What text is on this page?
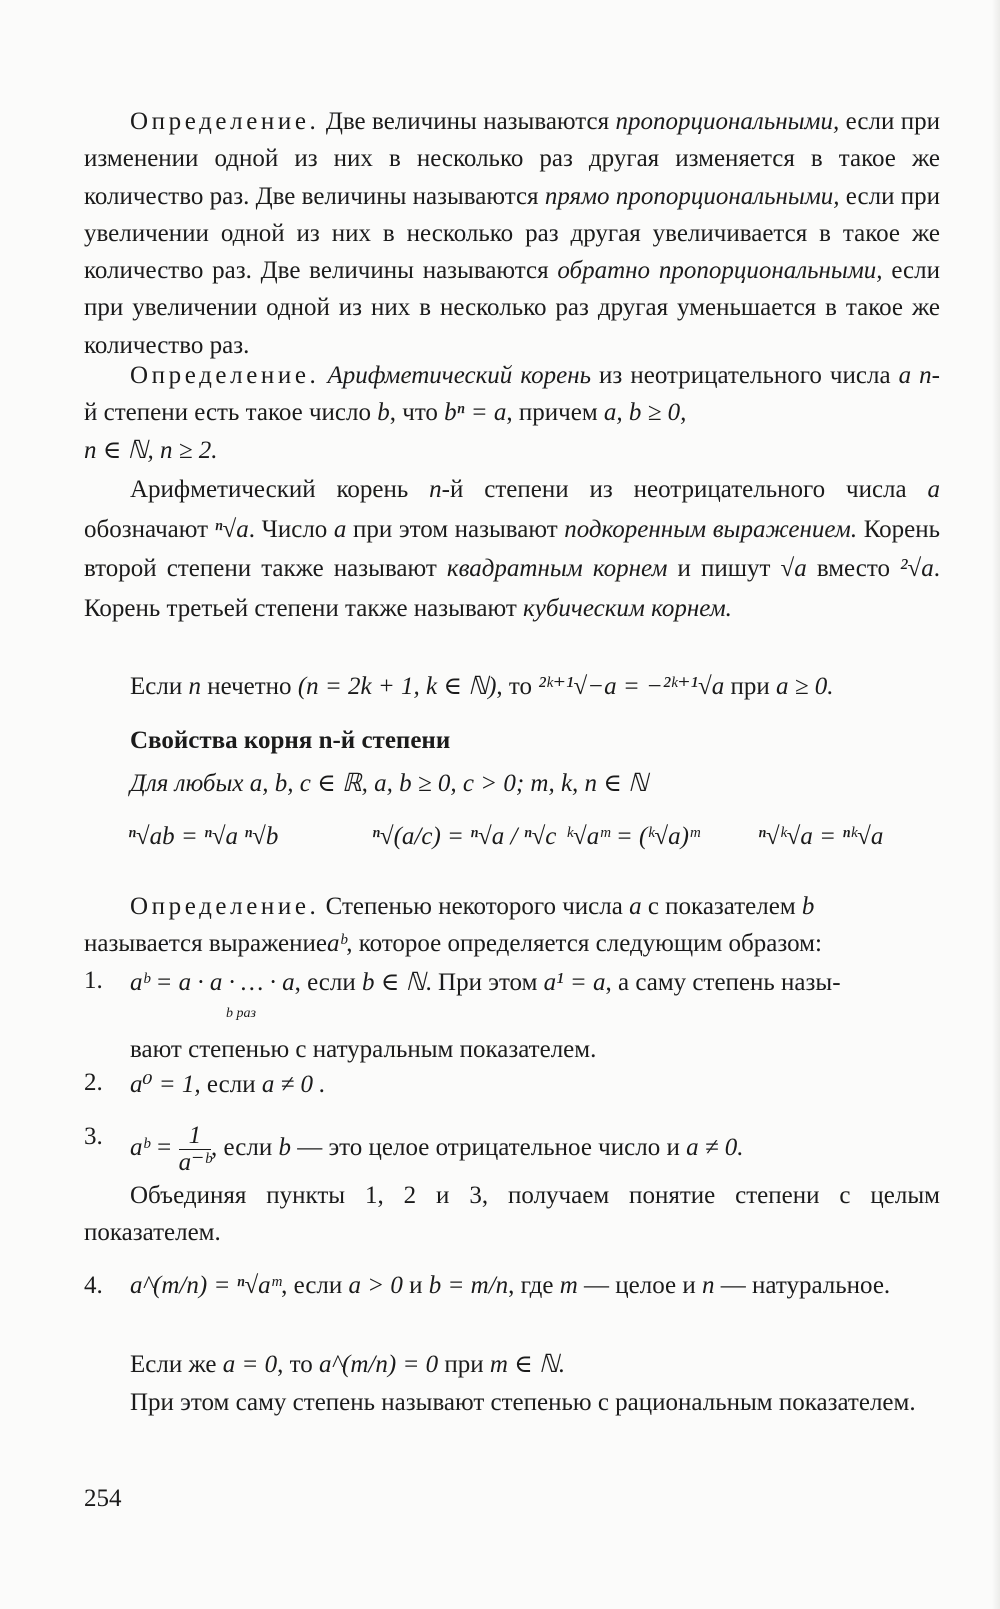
Определение. Две величины называются пропорциональными, если при изменении одной из них в несколько раз другая изменяется в такое же количество раз. Две величины называются прямо пропорциональными, если при увеличении одной из них в несколько раз другая увеличивается в такое же количество раз. Две величины называются обратно пропорциональными, если при увеличении одной из них в несколько раз другая уменьшается в такое же количество раз.
Определение. Арифметический корень из неотрицательного числа a n-й степени есть такое число b, что bⁿ = a, причем a, b ≥ 0,
n ∈ ℕ, n ≥ 2.
Арифметический корень n-й степени из неотрицательного числа a обозначают ⁿ√a. Число a при этом называют подкоренным выражением. Корень второй степени также называют квадратным корнем и пишут √a вместо ²√a. Корень третьей степени также называют кубическим корнем.
Если n нечетно (n = 2k + 1, k ∈ ℕ), то ²ᵏ⁺¹√−a = −²ᵏ⁺¹√a при a ≥ 0.
Свойства корня n-й степени
Для любых a, b, c ∈ ℝ, a, b ≥ 0, c > 0; m, k, n ∈ ℕ
ⁿ√ab = ⁿ√a ⁿ√b	ⁿ√(a/c) = ⁿ√a / ⁿ√c ᵏ√aᵐ = (ᵏ√a)ᵐ ⁿ√ᵏ√a = ⁿᵏ√a
Определение. Степенью некоторого числа a с показателем b
называется выражениеaᵇ, которое определяется следующим образом:
1. aᵇ = a · a · … · a, если b ∈ ℕ. При этом a¹ = a, а саму степень назы-
b раз
вают степенью с натуральным показателем.
2. a⁰ = 1, если a ≠ 0 .
3. aᵇ = $\frac{1}{\text{a⁻ᵇ}}$ , если b — это целое отрицательное число и a ≠ 0.
Объединяя пункты 1, 2 и 3, получаем понятие степени с целым показателем.
4. a^(m/n) = ⁿ√aᵐ, если a > 0 и b = m/n, где m — целое и n — натуральное.
Если же a = 0, то a^(m/n) = 0 при m ∈ ℕ.
При этом саму степень называют степенью с рациональным показателем.
254
